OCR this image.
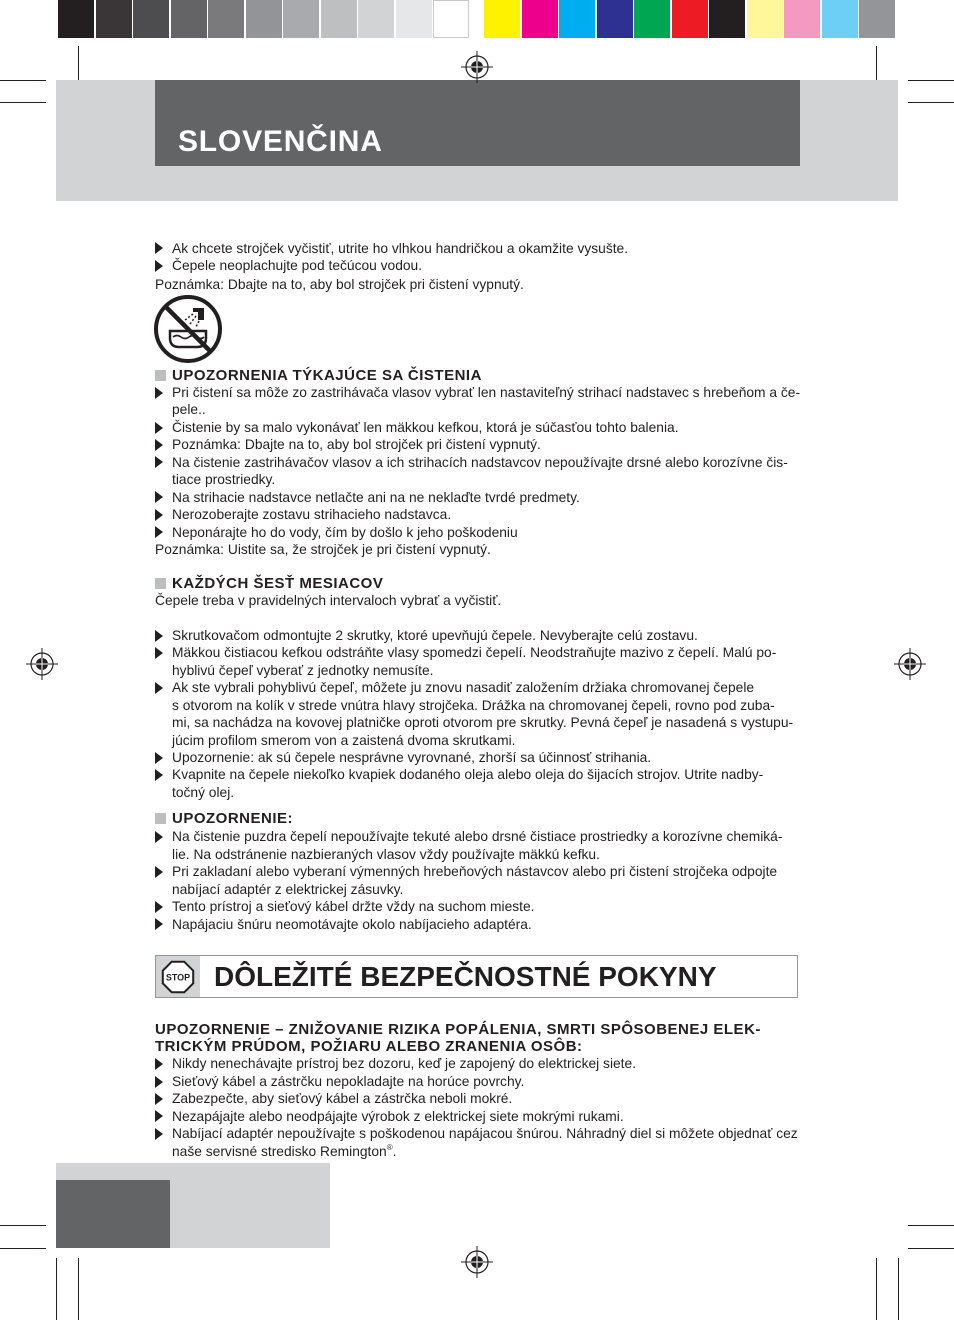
SLOVENČINA
Ak chcete strojček vyčistiť, utrite ho vlhkou handričkou a okamžite vysušte.
Čepele neoplachujte pod tečúcou vodou.
Poznámka: Dbajte na to, aby bol strojček pri čistení vypnutý.
UPOZORNENIA TÝKAJÚCE SA ČISTENIA
Pri čistení sa môže zo zastrihávača vlasov vybrať len nastaviteľný strihací nadstavec s hrebeňom a če-
pele..
Čistenie by sa malo vykonávať len mäkkou kefkou, ktorá je súčasťou tohto balenia.
Poznámka: Dbajte na to, aby bol strojček pri čistení vypnutý.
Na čistenie zastrihávačov vlasov a ich strihacích nadstavcov nepoužívajte drsné alebo korozívne čis-
tiace prostriedky.
Na strihacie nadstavce netlačte ani na ne neklaďte tvrdé predmety.
Nerozoberajte zostavu strihacieho nadstavca.
Neponárajte ho do vody, čím by došlo k jeho poškodeniu
Poznámka: Uistite sa, že strojček je pri čistení vypnutý.
KAŽDÝCH ŠESŤ MESIACOV
Čepele treba v pravidelných intervaloch vybrať a vyčistiť.
Skrutkovačom odmontujte 2 skrutky, ktoré upevňujú čepele. Nevyberajte celú zostavu.
Mäkkou čistiacou kefkou odstráňte vlasy spomedzi čepelí. Neodstraňujte mazivo z čepelí. Malú po-
hyblivú čepeľ vyberať z jednotky nemusíte.
Ak ste vybrali pohyblivú čepeľ, môžete ju znovu nasadiť založením držiaka chromovanej čepele
s otvorom na kolík v strede vnútra hlavy strojčeka. Drážka na chromovanej čepeli, rovno pod zuba-
mi, sa nachádza na kovovej platničke oproti otvorom pre skrutky. Pevná čepeľ je nasadená s vystupu-
júcim profilom smerom von a zaistená dvoma skrutkami.
Upozornenie: ak sú čepele nesprávne vyrovnané, zhorší sa účinnosť strihania.
Kvapnite na čepele niekoľko kvapiek dodaného oleja alebo oleja do šijacích strojov. Utrite nadby-
točný olej.
UPOZORNENIE:
Na čistenie puzdra čepelí nepoužívajte tekuté alebo drsné čistiace prostriedky a korozívne chemiká-
lie. Na odstránenie nazbieraných vlasov vždy používajte mäkkú kefku.
Pri zakladaní alebo vyberaní výmenných hrebeňových nástavcov alebo pri čistení strojčeka odpojte
nabíjací adaptér z elektrickej zásuvky.
Tento prístroj a sieťový kábel držte vždy na suchom mieste.
Napájaciu šnúru neomotávajte okolo nabíjacieho adaptéra.
STOP DÔLEŽITÉ BEZPEČNOSTNÉ POKYNY
UPOZORNENIE – ZNIŽOVANIE RIZIKA POPÁLENIA, SMRTI SPÔSOBENEJ ELEK-
TRICKÝM PRÚDOM, POŽIARU ALEBO ZRANENIA OSÔB:
Nikdy nenechávajte prístroj bez dozoru, keď je zapojený do elektrickej siete.
Sieťový kábel a zástrčku nepokladajte na horúce povrchy.
Zabezpečte, aby sieťový kábel a zástrčka neboli mokré.
Nezapájajte alebo neodpájajte výrobok z elektrickej siete mokrými rukami.
Nabíjací adaptér nepoužívajte s poškodenou napájacou šnúrou. Náhradný diel si môžete objednať cez
naše servisné stredisko Remington®.
